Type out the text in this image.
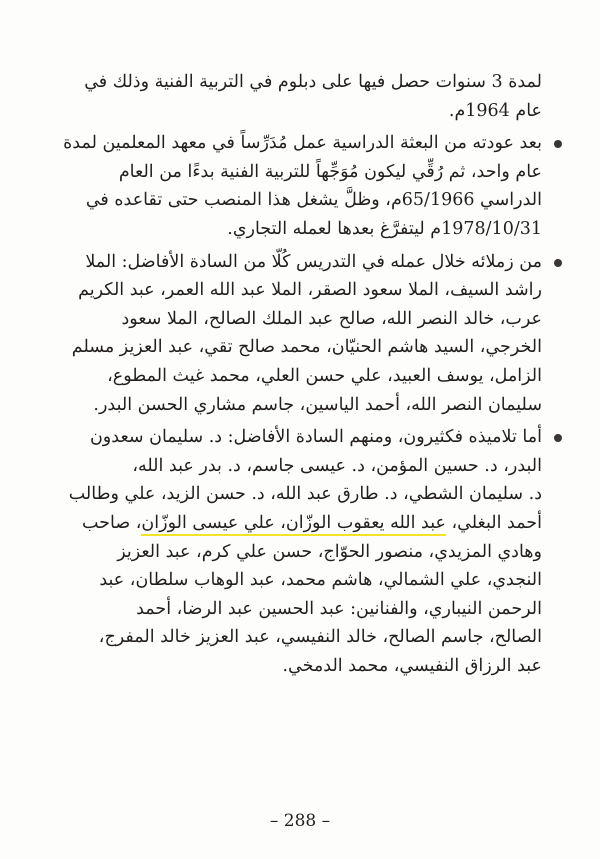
لمدة 3 سنوات حصل فيها على دبلوم في التربية الفنية وذلك في
عام 1964م.
بعد عودته من البعثة الدراسية عمل مُدَرِّساً في معهد المعلمين لمدة
عام واحد، ثم رُقِّي ليكون مُوَجِّهاً للتربية الفنية بدءًا من العام
الدراسي 65/1966م، وظلَّ يشغل هذا المنصب حتى تقاعده في
1978/10/31م ليتفرَّغ بعدها لعمله التجاري.
من زملائه خلال عمله في التدريس كُلًّا من السادة الأفاضل: الملا
راشد السيف، الملا سعود الصقر، الملا عبد الله العمر، عبد الكريم
عرب، خالد النصر الله، صالح عبد الملك الصالح، الملا سعود
الخرجي، السيد هاشم الحنيّان، محمد صالح تقي، عبد العزيز مسلم
الزامل، يوسف العبيد، علي حسن العلي، محمد غيث المطوع،
سليمان النصر الله، أحمد الياسين، جاسم مشاري الحسن البدر.
أما تلاميذه فكثيرون، ومنهم السادة الأفاضل: د. سليمان سعدون
البدر، د. حسين المؤمن، د. عيسى جاسم، د. بدر عبد الله،
د. سليمان الشطي، د. طارق عبد الله، د. حسن الزيد، علي وطالب
أحمد البغلي، عبد الله يعقوب الوزّان، علي عيسى الوزّان، صاحب
وهادي المزيدي، منصور الحوّاج، حسن علي كرم، عبد العزيز
النجدي، علي الشمالي، هاشم محمد، عبد الوهاب سلطان، عبد
الرحمن النيباري، والفنانين: عبد الحسين عبد الرضا، أحمد
الصالح، جاسم الصالح، خالد النفيسي، عبد العزيز خالد المفرج،
عبد الرزاق النفيسي، محمد الدمخي.
– 288 –
